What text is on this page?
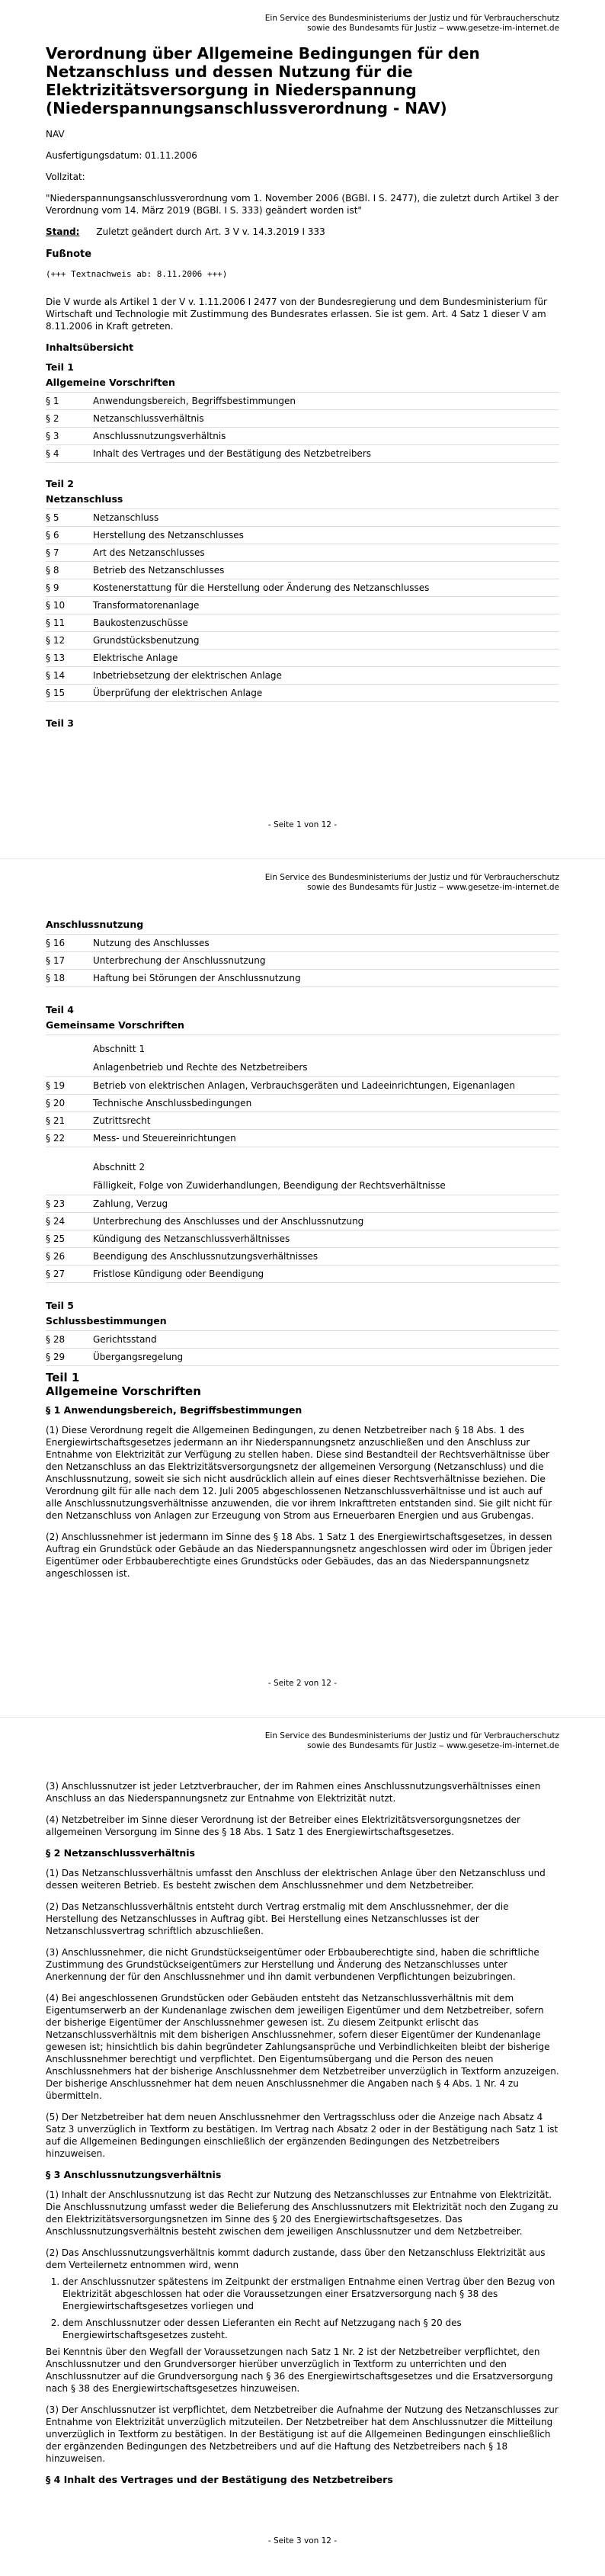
Ein Service des Bundesministeriums der Justiz und für Verbraucherschutz
sowie des Bundesamts für Justiz ‒ www.gesetze-im-internet.de
Verordnung über Allgemeine Bedingungen für den Netzanschluss und dessen Nutzung für die Elektrizitätsversorgung in Niederspannung (Niederspannungsanschlussverordnung - NAV)

NAV

Ausfertigungsdatum: 01.11.2006

Vollzitat:

"Niederspannungsanschlussverordnung vom 1. November 2006 (BGBl. I S. 2477), die zuletzt durch Artikel 3 der Verordnung vom 14. März 2019 (BGBl. I S. 333) geändert worden ist"

Stand: Zuletzt geändert durch Art. 3 V v. 14.3.2019 I 333
Fußnote

(+++ Textnachweis ab: 8.11.2006 +++)

Die V wurde als Artikel 1 der V v. 1.11.2006 I 2477 von der Bundesregierung und dem Bundesministerium für Wirtschaft und Technologie mit Zustimmung des Bundesrates erlassen. Sie ist gem. Art. 4 Satz 1 dieser V am 8.11.2006 in Kraft getreten.

Inhaltsübersicht
Teil 1
Allgemeine Vorschriften
§ 1	Anwendungsbereich, Begriffsbestimmungen
§ 2	Netzanschlussverhältnis
§ 3	Anschlussnutzungsverhältnis
§ 4	Inhalt des Vertrages und der Bestätigung des Netzbetreibers
Teil 2
Netzanschluss
§ 5	Netzanschluss
§ 6	Herstellung des Netzanschlusses
§ 7	Art des Netzanschlusses
§ 8	Betrieb des Netzanschlusses
§ 9	Kostenerstattung für die Herstellung oder Änderung des Netzanschlusses
§ 10	Transformatorenanlage
§ 11	Baukostenzuschüsse
§ 12	Grundstücksbenutzung
§ 13	Elektrische Anlage
§ 14	Inbetriebsetzung der elektrischen Anlage
§ 15	Überprüfung der elektrischen Anlage
Teil 3
- Seite 1 von 12 -
Ein Service des Bundesministeriums der Justiz und für Verbraucherschutz
sowie des Bundesamts für Justiz ‒ www.gesetze-im-internet.de
Anschlussnutzung
§ 16	Nutzung des Anschlusses
§ 17	Unterbrechung der Anschlussnutzung
§ 18	Haftung bei Störungen der Anschlussnutzung
Teil 4
Gemeinsame Vorschriften
Abschnitt 1
Anlagenbetrieb und Rechte des Netzbetreibers
§ 19	Betrieb von elektrischen Anlagen, Verbrauchsgeräten und Ladeeinrichtungen, Eigenanlagen
§ 20	Technische Anschlussbedingungen
§ 21	Zutrittsrecht
§ 22	Mess- und Steuereinrichtungen
Abschnitt 2
Fälligkeit, Folge von Zuwiderhandlungen, Beendigung der Rechtsverhältnisse
§ 23	Zahlung, Verzug
§ 24	Unterbrechung des Anschlusses und der Anschlussnutzung
§ 25	Kündigung des Netzanschlussverhältnisses
§ 26	Beendigung des Anschlussnutzungsverhältnisses
§ 27	Fristlose Kündigung oder Beendigung
Teil 5
Schlussbestimmungen
§ 28	Gerichtsstand
§ 29	Übergangsregelung
Teil 1
Allgemeine Vorschriften
§ 1 Anwendungsbereich, Begriffsbestimmungen

(1) Diese Verordnung regelt die Allgemeinen Bedingungen, zu denen Netzbetreiber nach § 18 Abs. 1 des Energiewirtschaftsgesetzes jedermann an ihr Niederspannungsnetz anzuschließen und den Anschluss zur Entnahme von Elektrizität zur Verfügung zu stellen haben. Diese sind Bestandteil der Rechtsverhältnisse über den Netzanschluss an das Elektrizitätsversorgungsnetz der allgemeinen Versorgung (Netzanschluss) und die Anschlussnutzung, soweit sie sich nicht ausdrücklich allein auf eines dieser Rechtsverhältnisse beziehen. Die Verordnung gilt für alle nach dem 12. Juli 2005 abgeschlossenen Netzanschlussverhältnisse und ist auch auf alle Anschlussnutzungsverhältnisse anzuwenden, die vor ihrem Inkrafttreten entstanden sind. Sie gilt nicht für den Netzanschluss von Anlagen zur Erzeugung von Strom aus Erneuerbaren Energien und aus Grubengas.

(2) Anschlussnehmer ist jedermann im Sinne des § 18 Abs. 1 Satz 1 des Energiewirtschaftsgesetzes, in dessen Auftrag ein Grundstück oder Gebäude an das Niederspannungsnetz angeschlossen wird oder im Übrigen jeder Eigentümer oder Erbbauberechtigte eines Grundstücks oder Gebäudes, das an das Niederspannungsnetz angeschlossen ist.

- Seite 2 von 12 -
Ein Service des Bundesministeriums der Justiz und für Verbraucherschutz
sowie des Bundesamts für Justiz ‒ www.gesetze-im-internet.de

(3) Anschlussnutzer ist jeder Letztverbraucher, der im Rahmen eines Anschlussnutzungsverhältnisses einen Anschluss an das Niederspannungsnetz zur Entnahme von Elektrizität nutzt.

(4) Netzbetreiber im Sinne dieser Verordnung ist der Betreiber eines Elektrizitätsversorgungsnetzes der allgemeinen Versorgung im Sinne des § 18 Abs. 1 Satz 1 des Energiewirtschaftsgesetzes.

§ 2 Netzanschlussverhältnis

(1) Das Netzanschlussverhältnis umfasst den Anschluss der elektrischen Anlage über den Netzanschluss und dessen weiteren Betrieb. Es besteht zwischen dem Anschlussnehmer und dem Netzbetreiber.

(2) Das Netzanschlussverhältnis entsteht durch Vertrag erstmalig mit dem Anschlussnehmer, der die Herstellung des Netzanschlusses in Auftrag gibt. Bei Herstellung eines Netzanschlusses ist der Netzanschlussvertrag schriftlich abzuschließen.

(3) Anschlussnehmer, die nicht Grundstückseigentümer oder Erbbauberechtigte sind, haben die schriftliche Zustimmung des Grundstückseigentümers zur Herstellung und Änderung des Netzanschlusses unter Anerkennung der für den Anschlussnehmer und ihn damit verbundenen Verpflichtungen beizubringen.

(4) Bei angeschlossenen Grundstücken oder Gebäuden entsteht das Netzanschlussverhältnis mit dem Eigentumserwerb an der Kundenanlage zwischen dem jeweiligen Eigentümer und dem Netzbetreiber, sofern der bisherige Eigentümer der Anschlussnehmer gewesen ist. Zu diesem Zeitpunkt erlischt das Netzanschlussverhältnis mit dem bisherigen Anschlussnehmer, sofern dieser Eigentümer der Kundenanlage gewesen ist; hinsichtlich bis dahin begründeter Zahlungsansprüche und Verbindlichkeiten bleibt der bisherige Anschlussnehmer berechtigt und verpflichtet. Den Eigentumsübergang und die Person des neuen Anschlussnehmers hat der bisherige Anschlussnehmer dem Netzbetreiber unverzüglich in Textform anzuzeigen. Der bisherige Anschlussnehmer hat dem neuen Anschlussnehmer die Angaben nach § 4 Abs. 1 Nr. 4 zu übermitteln.

(5) Der Netzbetreiber hat dem neuen Anschlussnehmer den Vertragsschluss oder die Anzeige nach Absatz 4 Satz 3 unverzüglich in Textform zu bestätigen. Im Vertrag nach Absatz 2 oder in der Bestätigung nach Satz 1 ist auf die Allgemeinen Bedingungen einschließlich der ergänzenden Bedingungen des Netzbetreibers hinzuweisen.

§ 3 Anschlussnutzungsverhältnis

(1) Inhalt der Anschlussnutzung ist das Recht zur Nutzung des Netzanschlusses zur Entnahme von Elektrizität. Die Anschlussnutzung umfasst weder die Belieferung des Anschlussnutzers mit Elektrizität noch den Zugang zu den Elektrizitätsversorgungsnetzen im Sinne des § 20 des Energiewirtschaftsgesetzes. Das Anschlussnutzungsverhältnis besteht zwischen dem jeweiligen Anschlussnutzer und dem Netzbetreiber.

(2) Das Anschlussnutzungsverhältnis kommt dadurch zustande, dass über den Netzanschluss Elektrizität aus dem Verteilernetz entnommen wird, wenn

1. der Anschlussnutzer spätestens im Zeitpunkt der erstmaligen Entnahme einen Vertrag über den Bezug von Elektrizität abgeschlossen hat oder die Voraussetzungen einer Ersatzversorgung nach § 38 des Energiewirtschaftsgesetzes vorliegen und
2. dem Anschlussnutzer oder dessen Lieferanten ein Recht auf Netzzugang nach § 20 des Energiewirtschaftsgesetzes zusteht.

Bei Kenntnis über den Wegfall der Voraussetzungen nach Satz 1 Nr. 2 ist der Netzbetreiber verpflichtet, den Anschlussnutzer und den Grundversorger hierüber unverzüglich in Textform zu unterrichten und den Anschlussnutzer auf die Grundversorgung nach § 36 des Energiewirtschaftsgesetzes und die Ersatzversorgung nach § 38 des Energiewirtschaftsgesetzes hinzuweisen.

(3) Der Anschlussnutzer ist verpflichtet, dem Netzbetreiber die Aufnahme der Nutzung des Netzanschlusses zur Entnahme von Elektrizität unverzüglich mitzuteilen. Der Netzbetreiber hat dem Anschlussnutzer die Mitteilung unverzüglich in Textform zu bestätigen. In der Bestätigung ist auf die Allgemeinen Bedingungen einschließlich der ergänzenden Bedingungen des Netzbetreibers und auf die Haftung des Netzbetreibers nach § 18 hinzuweisen.

§ 4 Inhalt des Vertrages und der Bestätigung des Netzbetreibers
- Seite 3 von 12 -
